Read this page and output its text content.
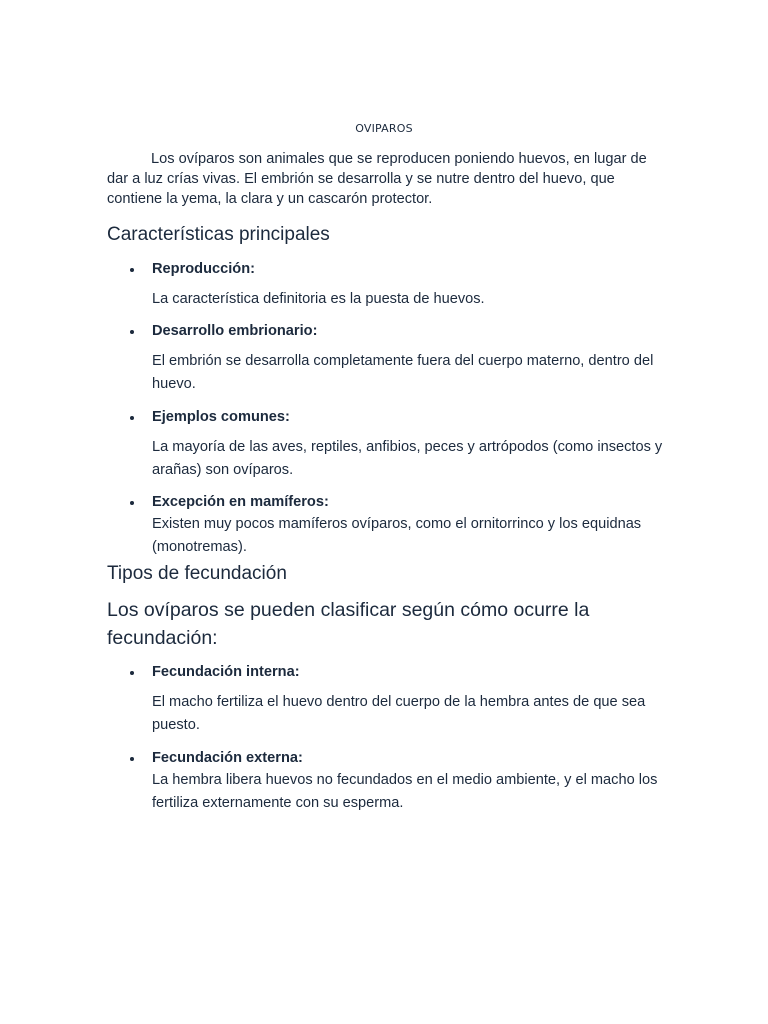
OVIPAROS

Los ovíparos son animales que se reproducen poniendo huevos, en lugar de dar a luz crías vivas. El embrión se desarrolla y se nutre dentro del huevo, que contiene la yema, la clara y un cascarón protector.

Características principales
Reproducción:

La característica definitoria es la puesta de huevos.

Desarrollo embrionario:

El embrión se desarrolla completamente fuera del cuerpo materno, dentro del huevo.

Ejemplos comunes:

La mayoría de las aves, reptiles, anfibios, peces y artrópodos (como insectos y arañas) son ovíparos.

Excepción en mamíferos:

Existen muy pocos mamíferos ovíparos, como el ornitorrinco y los equidnas (monotremas).

Tipos de fecundación
Los ovíparos se pueden clasificar según cómo ocurre la fecundación:
Fecundación interna:

El macho fertiliza el huevo dentro del cuerpo de la hembra antes de que sea puesto.

Fecundación externa:

La hembra libera huevos no fecundados en el medio ambiente, y el macho los fertiliza externamente con su esperma.
